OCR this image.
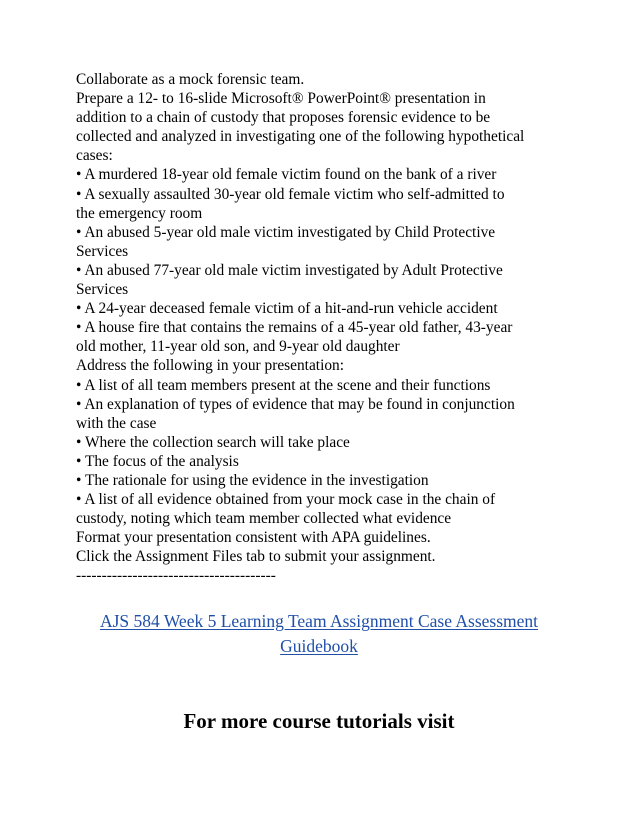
Collaborate as a mock forensic team.
Prepare a 12- to 16-slide Microsoft® PowerPoint® presentation in
addition to a chain of custody that proposes forensic evidence to be
collected and analyzed in investigating one of the following hypothetical
cases:
• A murdered 18-year old female victim found on the bank of a river
• A sexually assaulted 30-year old female victim who self-admitted to
the emergency room
• An abused 5-year old male victim investigated by Child Protective
Services
• An abused 77-year old male victim investigated by Adult Protective
Services
• A 24-year deceased female victim of a hit-and-run vehicle accident
• A house fire that contains the remains of a 45-year old father, 43-year
old mother, 11-year old son, and 9-year old daughter
Address the following in your presentation:
• A list of all team members present at the scene and their functions
• An explanation of types of evidence that may be found in conjunction
with the case
• Where the collection search will take place
• The focus of the analysis
• The rationale for using the evidence in the investigation
• A list of all evidence obtained from your mock case in the chain of
custody, noting which team member collected what evidence
Format your presentation consistent with APA guidelines.
Click the Assignment Files tab to submit your assignment.
---------------------------------------
AJS 584 Week 5 Learning Team Assignment Case Assessment
Guidebook
For more course tutorials visit
